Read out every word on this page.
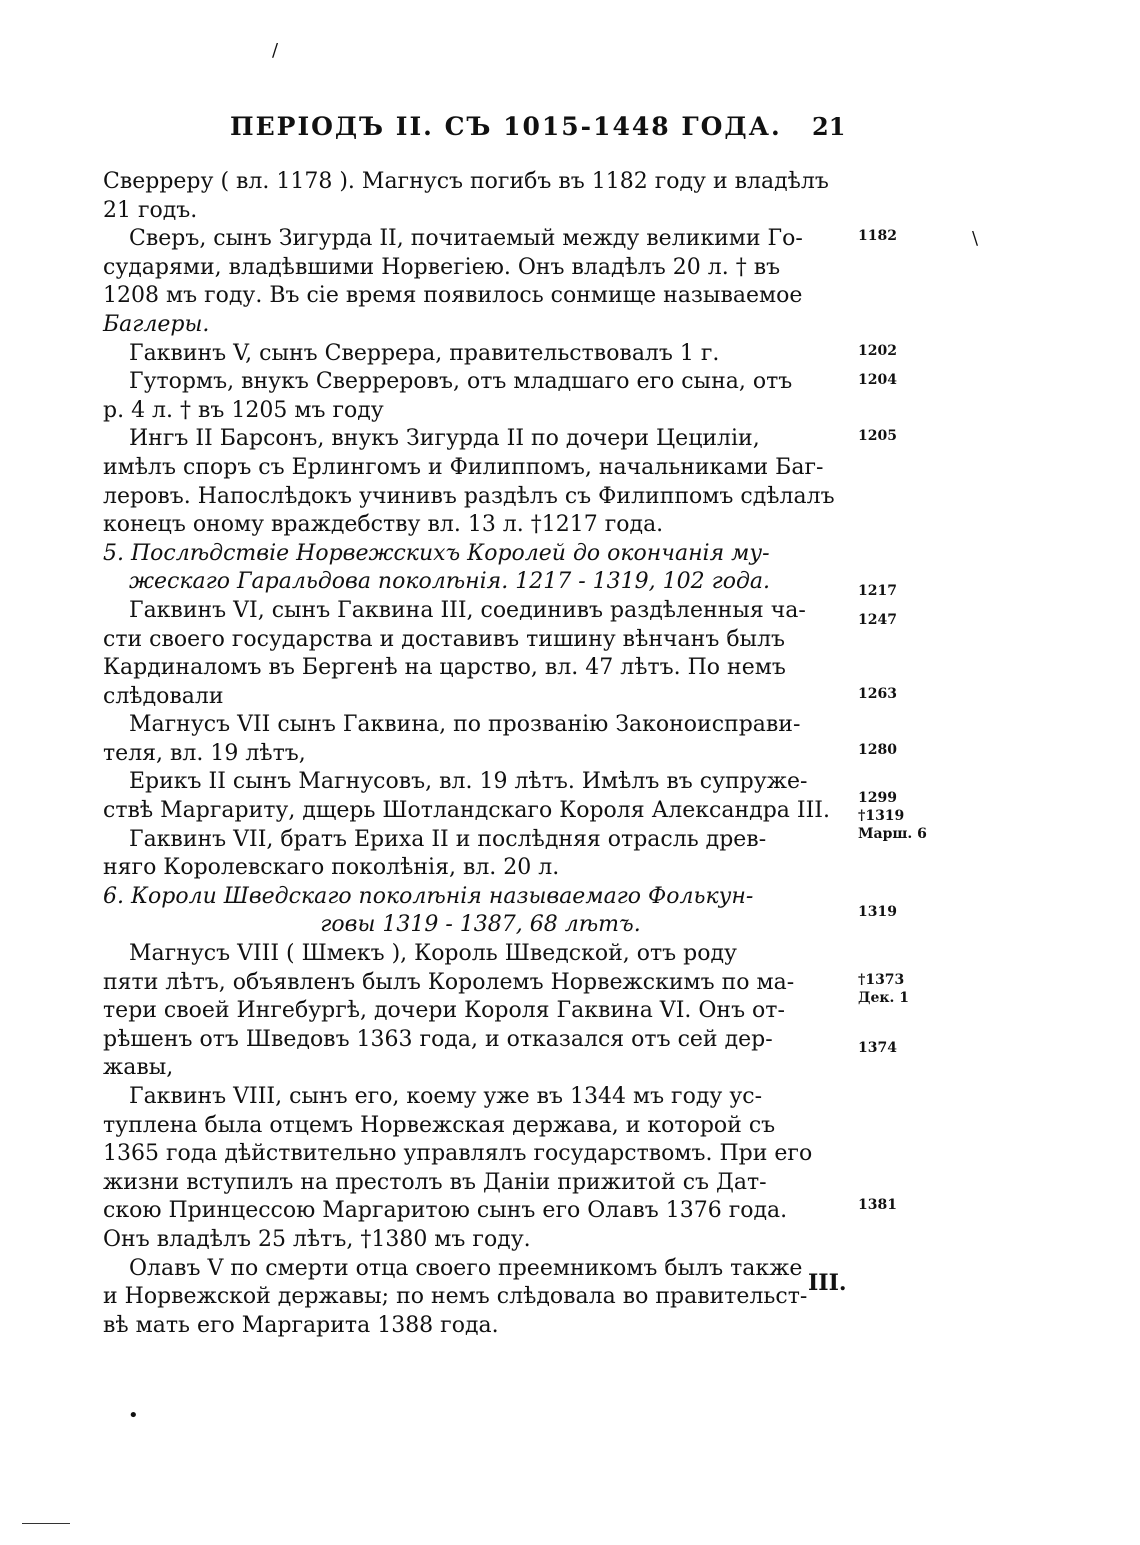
ПЕРІОДЪ II. СЪ 1015-1448 ГОДА.	21
Сверреру ( вл. 1178 ). Магнусъ погибъ въ 1182 году и владѣлъ
21 годъ.
Сверъ, сынъ Зигурда II, почитаемый между великими Го-
сударями, владѣвшими Норвегіею. Онъ владѣлъ 20 л. † въ
1208 мъ году. Въ сіе время появилось сонмище называемое
Баглеры.
Гаквинъ V, сынъ Сверрера, правительствовалъ 1 г.
Гутормъ, внукъ Сверреровъ, отъ младшаго его сына, отъ
р. 4 л. † въ 1205 мъ году
Ингъ II Барсонъ, внукъ Зигурда II по дочери Цециліи,
имѣлъ споръ съ Ерлингомъ и Филиппомъ, начальниками Баг-
леровъ. Напослѣдокъ учинивъ раздѣлъ съ Филиппомъ сдѣлалъ
конецъ оному враждебству вл. 13 л. †1217 года.
5. Послѣдствіе Норвежскихъ Королей до окончанія му-
жескаго Гаральдова поколѣнія. 1217 - 1319, 102 года.
Гаквинъ VI, сынъ Гаквина III, соединивъ раздѣленныя ча-
сти своего государства и доставивъ тишину вѣнчанъ былъ
Кардиналомъ въ Бергенѣ на царство, вл. 47 лѣтъ. По немъ
слѣдовали
Магнусъ VII сынъ Гаквина, по прозванію Законоисправи-
теля, вл. 19 лѣтъ,
Ерикъ II сынъ Магнусовъ, вл. 19 лѣтъ. Имѣлъ въ супруже-
ствѣ Маргариту, дщерь Шотландскаго Короля Александра III.
Гаквинъ VII, братъ Ериха II и послѣдняя отрасль древ-
няго Королевскаго поколѣнія, вл. 20 л.
6. Короли Шведскаго поколѣнія называемаго Фолькун-
говы 1319 - 1387, 68 лѣтъ.
Магнусъ VIII ( Шмекъ ), Король Шведской, отъ роду
пяти лѣтъ, объявленъ былъ Королемъ Норвежскимъ по ма-
тери своей Ингебургѣ, дочери Короля Гаквина VI. Онъ от-
рѣшенъ отъ Шведовъ 1363 года, и отказался отъ сей дер-
жавы,
Гаквинъ VIII, сынъ его, коему уже въ 1344 мъ году ус-
туплена была отцемъ Норвежская держава, и которой съ
1365 года дѣйствительно управлялъ государствомъ. При его
жизни вступилъ на престолъ въ Даніи прижитой съ Дат-
скою Принцессою Маргаритою сынъ его Олавъ 1376 года.
Онъ владѣлъ 25 лѣтъ, †1380 мъ году.
Олавъ V по смерти отца своего преемникомъ былъ также
и Норвежской державы; по немъ слѣдовала во правительст-
вѣ мать его Маргарита 1388 года.
1182
1202
1204
1205
1217
1247
1263
1280
1299
†1319
Марш. 6
1319
†1373
Дек. 1
1374
1381
III.
/
\
•
